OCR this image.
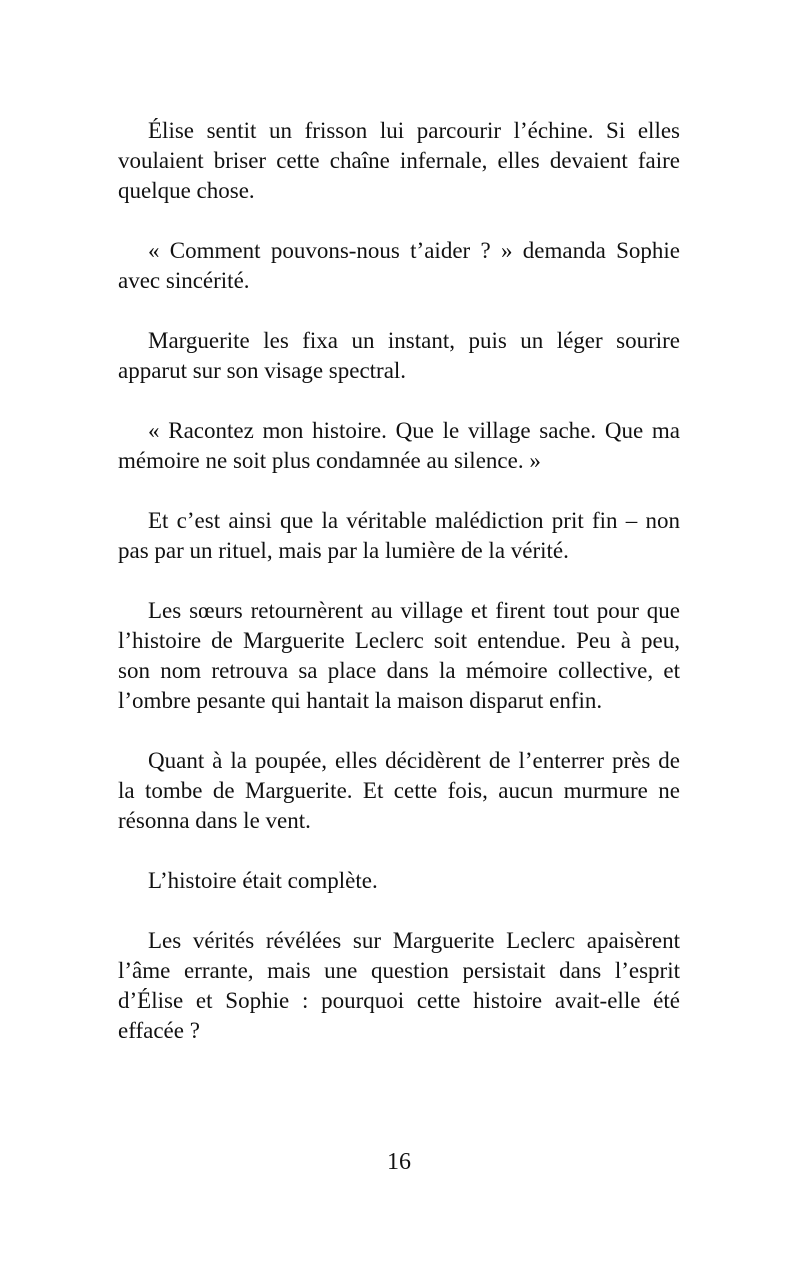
Élise sentit un frisson lui parcourir l’échine. Si elles voulaient briser cette chaîne infernale, elles devaient faire quelque chose.

« Comment pouvons-nous t’aider ? » demanda Sophie avec sincérité.

Marguerite les fixa un instant, puis un léger sourire apparut sur son visage spectral.

« Racontez mon histoire. Que le village sache. Que ma mémoire ne soit plus condamnée au silence. »

Et c’est ainsi que la véritable malédiction prit fin – non pas par un rituel, mais par la lumière de la vérité.

Les sœurs retournèrent au village et firent tout pour que l’histoire de Marguerite Leclerc soit entendue. Peu à peu, son nom retrouva sa place dans la mémoire collective, et l’ombre pesante qui hantait la maison disparut enfin.

Quant à la poupée, elles décidèrent de l’enterrer près de la tombe de Marguerite. Et cette fois, aucun murmure ne résonna dans le vent.

L’histoire était complète.

Les vérités révélées sur Marguerite Leclerc apaisèrent l’âme errante, mais une question persistait dans l’esprit d’Élise et Sophie : pourquoi cette histoire avait-elle été effacée ?

16
